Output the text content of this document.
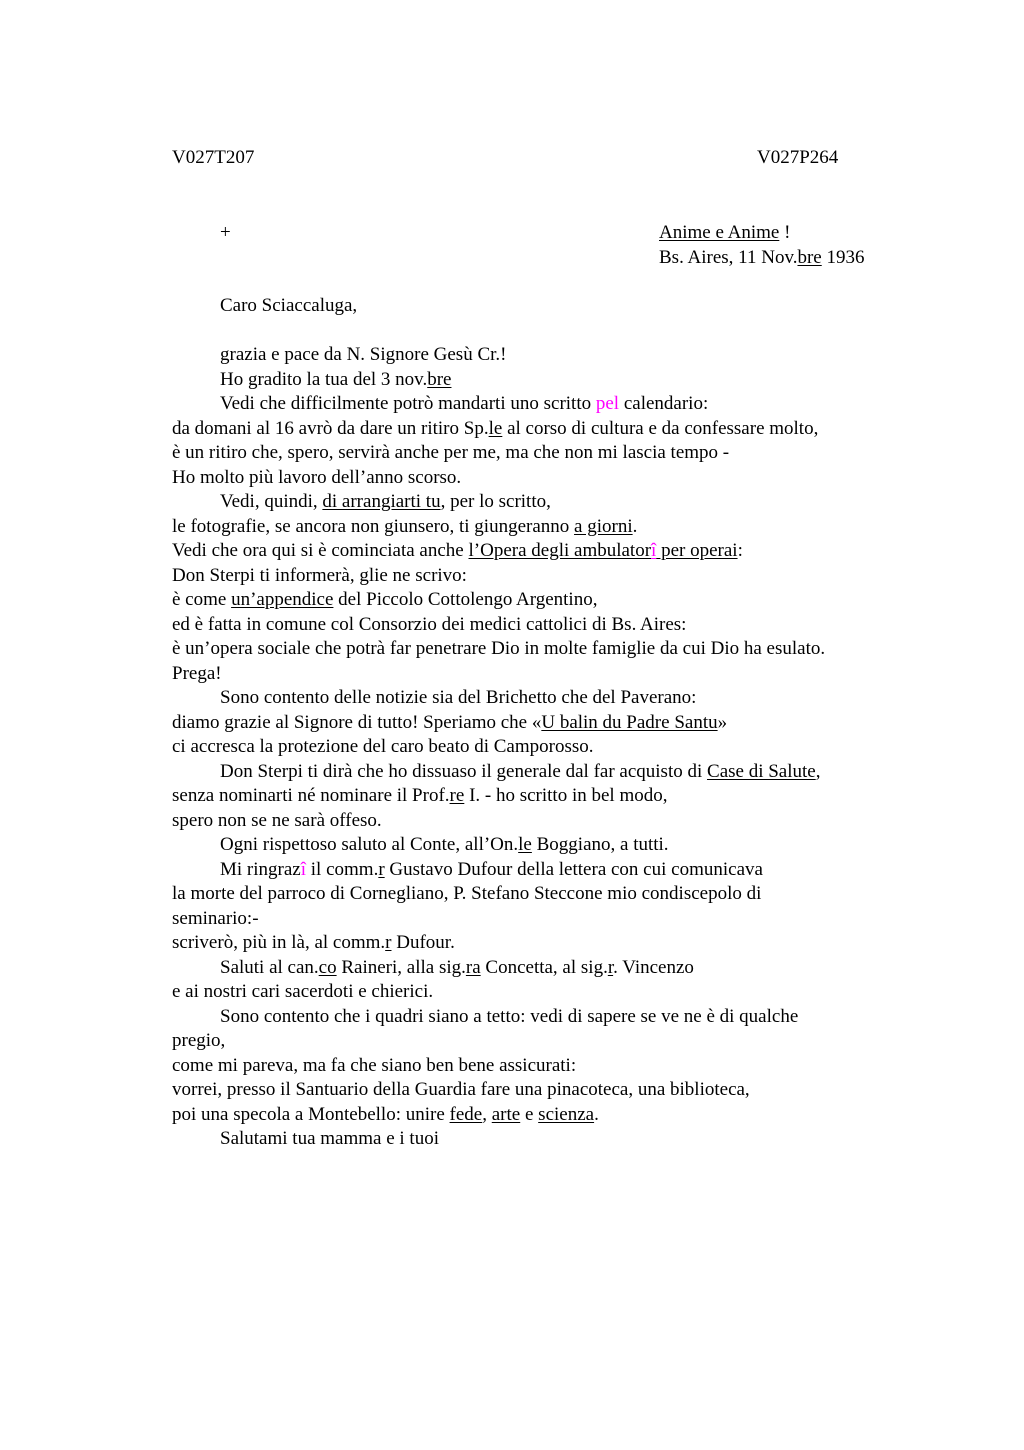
V027T207	V027P264
+	Anime e Anime !
Bs. Aires, 11 Nov.bre 1936
Caro Sciaccaluga,
grazia e pace da N. Signore Gesù Cr.!
Ho gradito la tua del 3 nov.bre
Vedi che difficilmente potrò mandarti uno scritto pel calendario:
da domani al 16 avrò da dare un ritiro Sp.le al corso di cultura e da confessare molto,
è un ritiro che, spero, servirà anche per me, ma che non mi lascia tempo -
Ho molto più lavoro dell’anno scorso.
Vedi, quindi, di arrangiarti tu, per lo scritto,
le fotografie, se ancora non giunsero, ti giungeranno a giorni.
Vedi che ora qui si è cominciata anche l’Opera degli ambulatorî per operai:
Don Sterpi ti informerà, glie ne scrivo:
è come un’appendice del Piccolo Cottolengo Argentino,
ed è fatta in comune col Consorzio dei medici cattolici di Bs. Aires:
è un’opera sociale che potrà far penetrare Dio in molte famiglie da cui Dio ha esulato.
Prega!
Sono contento delle notizie sia del Brichetto che del Paverano:
diamo grazie al Signore di tutto! Speriamo che «U balin du Padre Santu»
ci accresca la protezione del caro beato di Camporosso.
Don Sterpi ti dirà che ho dissuaso il generale dal far acquisto di Case di Salute,
senza nominarti né nominare il Prof.re I. - ho scritto in bel modo,
spero non se ne sarà offeso.
Ogni rispettoso saluto al Conte, all’On.le Boggiano, a tutti.
Mi ringrazî il comm.r Gustavo Dufour della lettera con cui comunicava
la morte del parroco di Cornegliano, P. Stefano Steccone mio condiscepolo di
seminario:-
scriverò, più in là, al comm.r Dufour.
Saluti al can.co Raineri, alla sig.ra Concetta, al sig.r. Vincenzo
e ai nostri cari sacerdoti e chierici.
Sono contento che i quadri siano a tetto: vedi di sapere se ve ne è di qualche
pregio,
come mi pareva, ma fa che siano ben bene assicurati:
vorrei, presso il Santuario della Guardia fare una pinacoteca, una biblioteca,
poi una specola a Montebello: unire fede, arte e scienza.
Salutami tua mamma e i tuoi
